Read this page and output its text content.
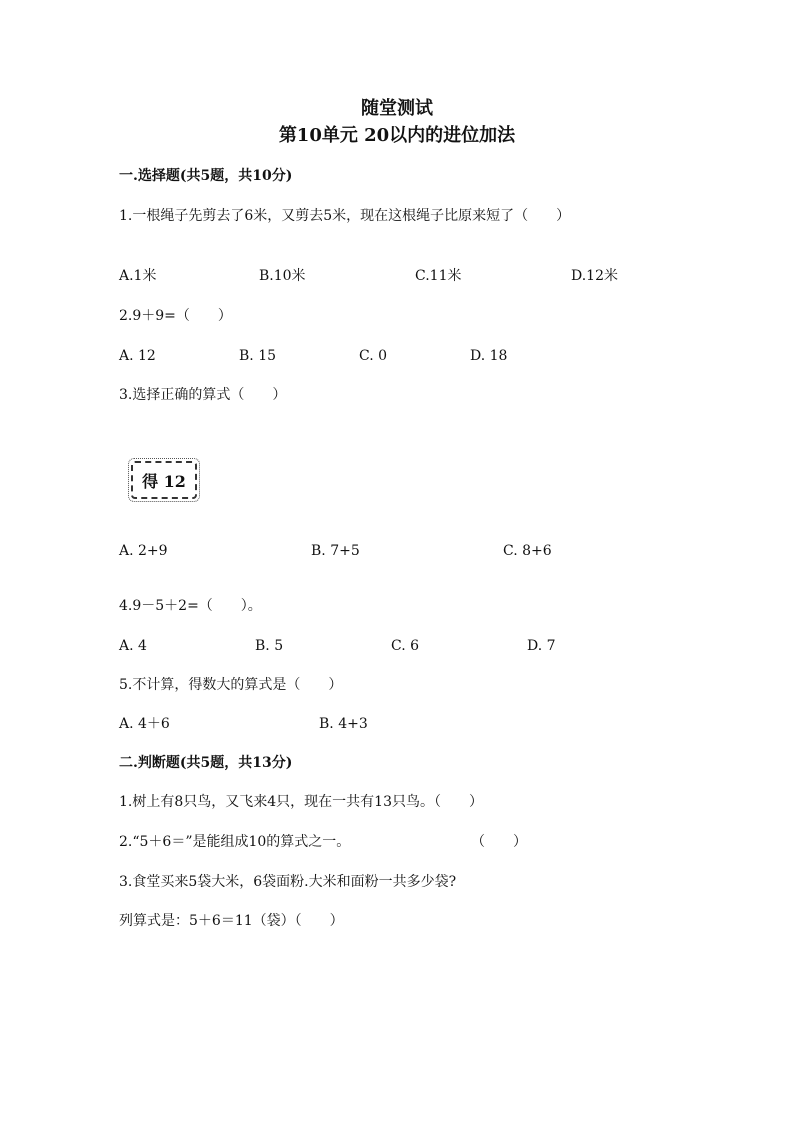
随堂测试
第10单元 20以内的进位加法
一.选择题(共5题，共10分)
1.一根绳子先剪去了6米，又剪去5米，现在这根绳子比原来短了（　　）
A.1米	B.10米	C.11米	D.12米
2.9＋9=（　　）
A. 12	B. 15	C. 0	D. 18
3.选择正确的算式（　　）
得 12
A. 2+9	B. 7+5	C. 8+6
4.9－5＋2=（　　）。
A. 4	B. 5	C. 6	D. 7
5.不计算，得数大的算式是（　　）
A. 4＋6	B. 4+3
二.判断题(共5题，共13分)
1.树上有8只鸟，又飞来4只，现在一共有13只鸟。（　　）
2.“5＋6＝”是能组成10的算式之一。	（　　）
3.食堂买来5袋大米，6袋面粉.大米和面粉一共多少袋?
列算式是：5＋6＝11（袋）（　　）
